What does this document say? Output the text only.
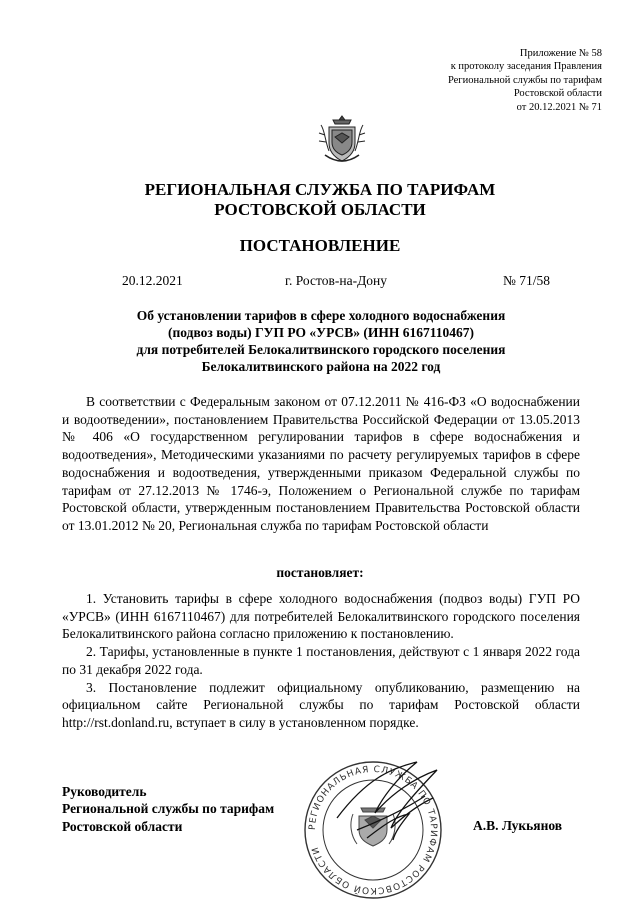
Приложение № 58
к протоколу заседания Правления
Региональной службы по тарифам
Ростовской области
от 20.12.2021 № 71
РЕГИОНАЛЬНАЯ СЛУЖБА ПО ТАРИФАМ
РОСТОВСКОЙ ОБЛАСТИ
ПОСТАНОВЛЕНИЕ
20.12.2021	г. Ростов-на-Дону	№ 71/58
Об установлении тарифов в сфере холодного водоснабжения
(подвоз воды) ГУП РО «УРСВ» (ИНН 6167110467)
для потребителей Белокалитвинского городского поселения
Белокалитвинского района на 2022 год
В соответствии с Федеральным законом от 07.12.2011 № 416-ФЗ «О водоснабжении и водоотведении», постановлением Правительства Российской Федерации от 13.05.2013 № 406 «О государственном регулировании тарифов в сфере водоснабжения и водоотведения», Методическими указаниями по расчету регулируемых тарифов в сфере водоснабжения и водоотведения, утвержденными приказом Федеральной службы по тарифам от 27.12.2013 № 1746-э, Положением о Региональной службе по тарифам Ростовской области, утвержденным постановлением Правительства Ростовской области от 13.01.2012 № 20, Региональная служба по тарифам Ростовской области
постановляет:

1. Установить тарифы в сфере холодного водоснабжения (подвоз воды) ГУП РО «УРСВ» (ИНН 6167110467) для потребителей Белокалитвинского городского поселения Белокалитвинского района согласно приложению к постановлению.

2. Тарифы, установленные в пункте 1 постановления, действуют с 1 января 2022 года по 31 декабря 2022 года.

3. Постановление подлежит официальному опубликованию, размещению на официальном сайте Региональной службы по тарифам Ростовской области http://rst.donland.ru, вступает в силу в установленном порядке.

Руководитель
Региональной службы по тарифам
Ростовской области	РЕГИОНАЛЬНАЯ СЛУЖБА ПО ТАРИФАМ РОСТОВСКОЙ ОБЛАСТИ
А.В. Лукьянов
